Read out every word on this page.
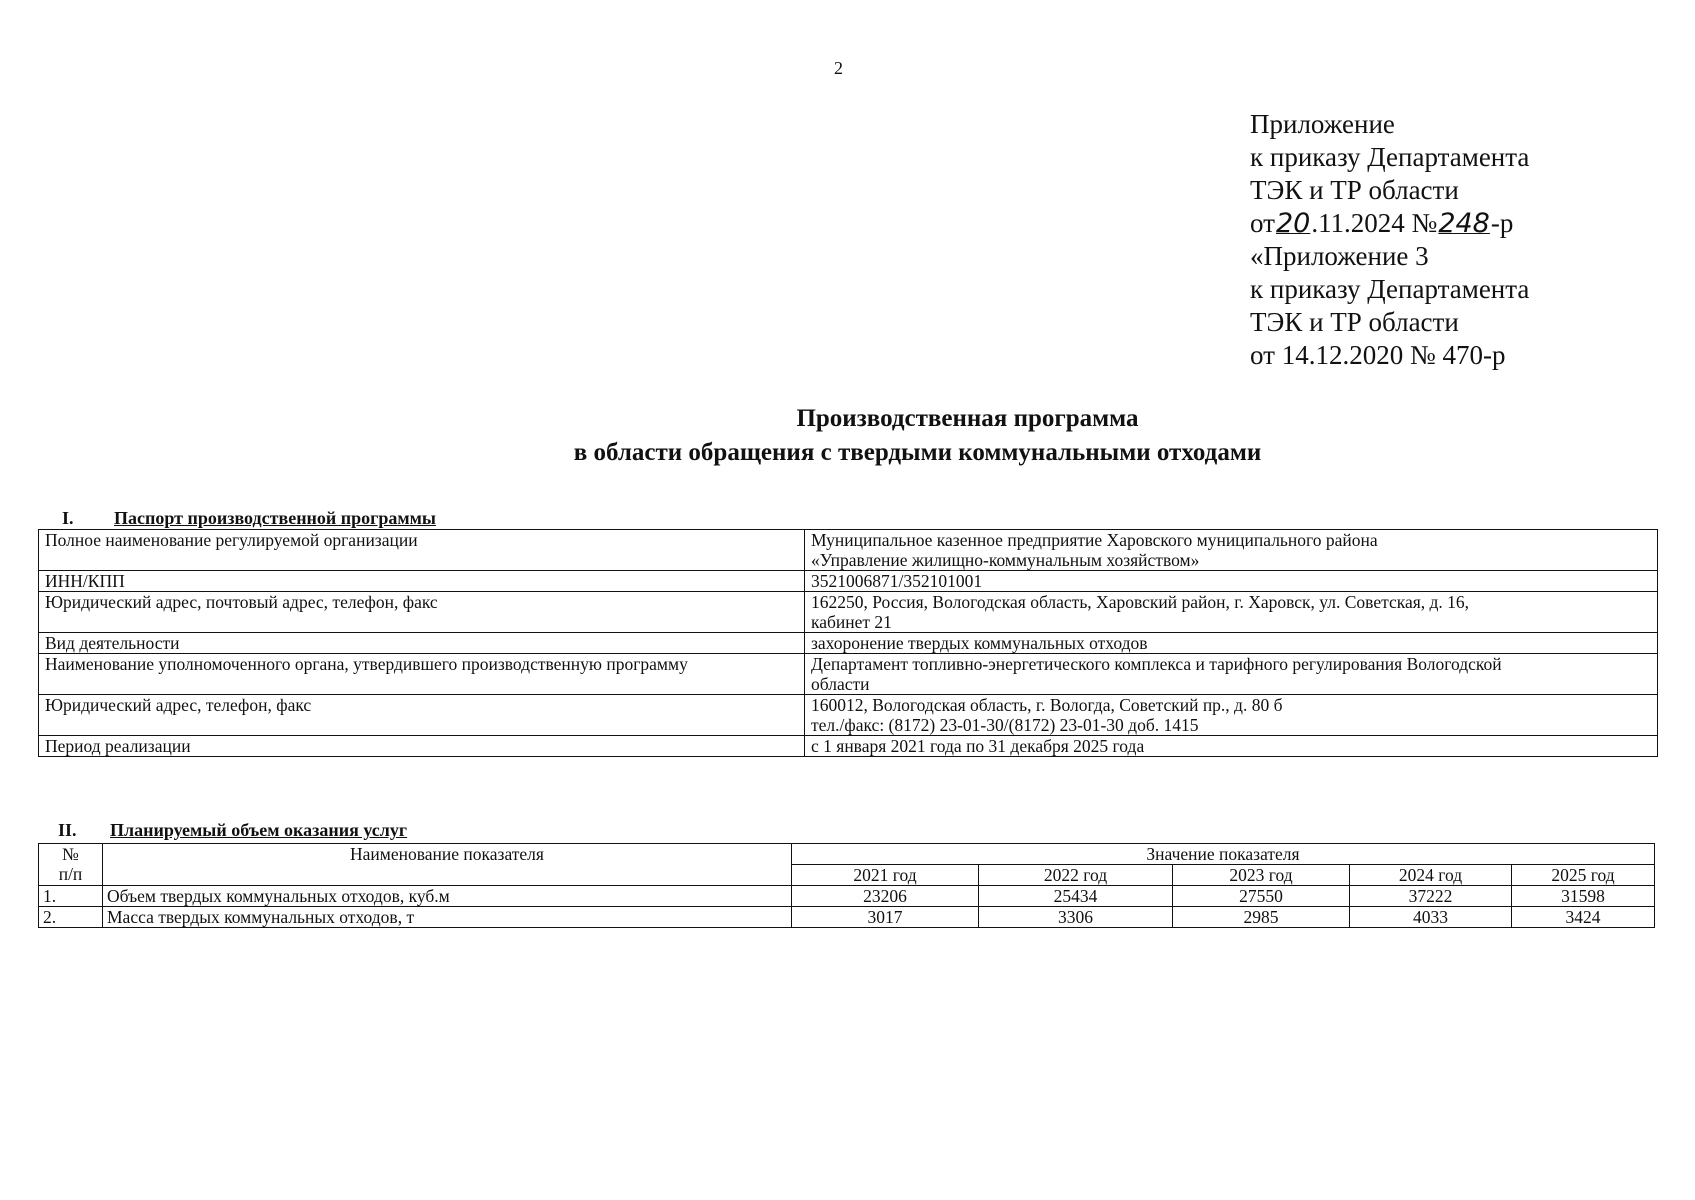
2
Приложение
к приказу Департамента
ТЭК и ТР области
от20.11.2024 №248-р
«Приложение 3
к приказу Департамента
ТЭК и ТР области
от 14.12.2020 № 470-р
Производственная программа
в области обращения с твердыми коммунальными отходами
I. Паспорт производственной программы
Полное наименование регулируемой организации	Муниципальное казенное предприятие Харовского муниципального района
«Управление жилищно-коммунальным хозяйством»

ИНН/КПП	3521006871/352101001

Юридический адрес, почтовый адрес, телефон, факс	162250, Россия, Вологодская область, Харовский район, г. Харовск, ул. Советская, д. 16,
кабинет 21

Вид деятельности	захоронение твердых коммунальных отходов

Наименование уполномоченного органа, утвердившего производственную программу	Департамент топливно-энергетического комплекса и тарифного регулирования Вологодской
области

Юридический адрес, телефон, факс	160012, Вологодская область, г. Вологда, Советский пр., д. 80 б
тел./факс: (8172) 23-01-30/(8172) 23-01-30 доб. 1415

Период реализации	с 1 января 2021 года по 31 декабря 2025 года
II. Планируемый объем оказания услуг
№
п/п	Наименование показателя	Значение показателя				
		2021 год	2022 год	2023 год	2024 год	2025 год
1.	Объем твердых коммунальных отходов, куб.м	23206	25434	27550	37222	31598
2.	Масса твердых коммунальных отходов, т	3017	3306	2985	4033	3424
